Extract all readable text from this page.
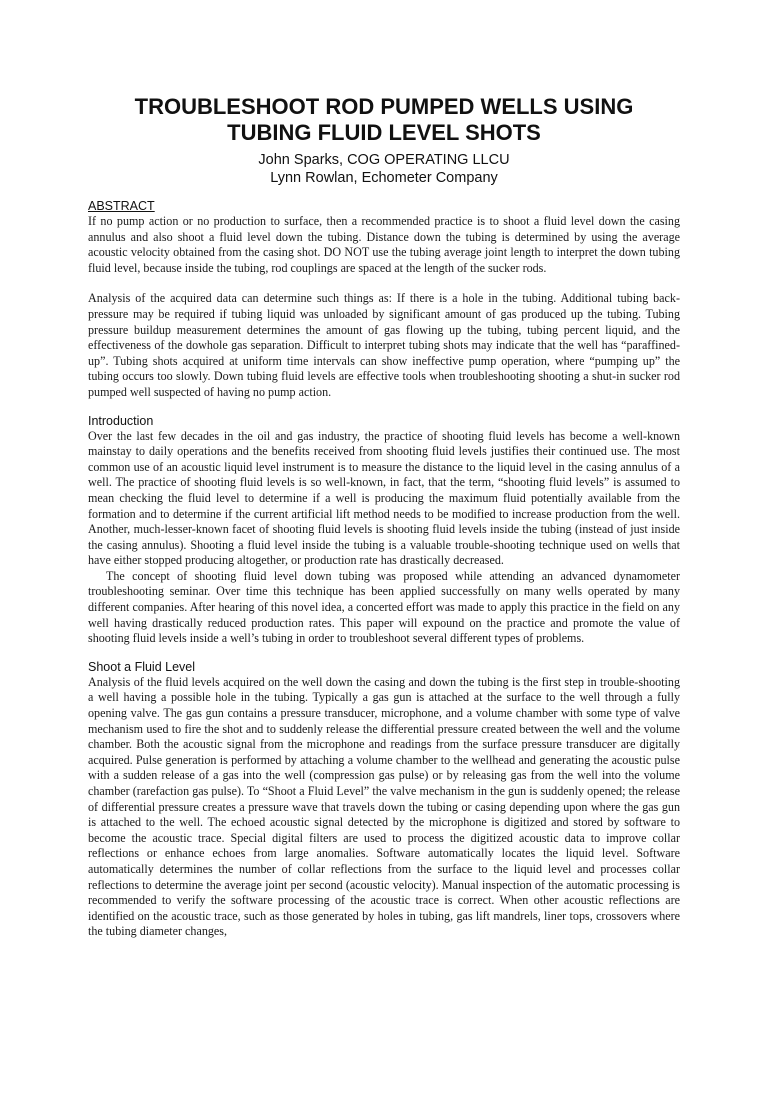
TROUBLESHOOT ROD PUMPED WELLS USING
TUBING FLUID LEVEL SHOTS
John Sparks, COG OPERATING LLCU
Lynn Rowlan, Echometer Company
ABSTRACT

If no pump action or no production to surface, then a recommended practice is to shoot a fluid level down the casing annulus and also shoot a fluid level down the tubing. Distance down the tubing is determined by using the average acoustic velocity obtained from the casing shot. DO NOT use the tubing average joint length to interpret the down tubing fluid level, because inside the tubing, rod couplings are spaced at the length of the sucker rods.

Analysis of the acquired data can determine such things as: If there is a hole in the tubing. Additional tubing back-pressure may be required if tubing liquid was unloaded by significant amount of gas produced up the tubing. Tubing pressure buildup measurement determines the amount of gas flowing up the tubing, tubing percent liquid, and the effectiveness of the dowhole gas separation. Difficult to interpret tubing shots may indicate that the well has “paraffined-up”. Tubing shots acquired at uniform time intervals can show ineffective pump operation, where “pumping up” the tubing occurs too slowly. Down tubing fluid levels are effective tools when troubleshooting shooting a shut-in sucker rod pumped well suspected of having no pump action.

Introduction

Over the last few decades in the oil and gas industry, the practice of shooting fluid levels has become a well-known mainstay to daily operations and the benefits received from shooting fluid levels justifies their continued use. The most common use of an acoustic liquid level instrument is to measure the distance to the liquid level in the casing annulus of a well. The practice of shooting fluid levels is so well-known, in fact, that the term, “shooting fluid levels” is assumed to mean checking the fluid level to determine if a well is producing the maximum fluid potentially available from the formation and to determine if the current artificial lift method needs to be modified to increase production from the well. Another, much-lesser-known facet of shooting fluid levels is shooting fluid levels inside the tubing (instead of just inside the casing annulus). Shooting a fluid level inside the tubing is a valuable trouble-shooting technique used on wells that have either stopped producing altogether, or production rate has drastically decreased.

The concept of shooting fluid level down tubing was proposed while attending an advanced dynamometer troubleshooting seminar. Over time this technique has been applied successfully on many wells operated by many different companies. After hearing of this novel idea, a concerted effort was made to apply this practice in the field on any well having drastically reduced production rates. This paper will expound on the practice and promote the value of shooting fluid levels inside a well’s tubing in order to troubleshoot several different types of problems.

Shoot a Fluid Level

Analysis of the fluid levels acquired on the well down the casing and down the tubing is the first step in trouble-shooting a well having a possible hole in the tubing. Typically a gas gun is attached at the surface to the well through a fully opening valve. The gas gun contains a pressure transducer, microphone, and a volume chamber with some type of valve mechanism used to fire the shot and to suddenly release the differential pressure created between the well and the volume chamber. Both the acoustic signal from the microphone and readings from the surface pressure transducer are digitally acquired. Pulse generation is performed by attaching a volume chamber to the wellhead and generating the acoustic pulse with a sudden release of a gas into the well (compression gas pulse) or by releasing gas from the well into the volume chamber (rarefaction gas pulse). To “Shoot a Fluid Level” the valve mechanism in the gun is suddenly opened; the release of differential pressure creates a pressure wave that travels down the tubing or casing depending upon where the gas gun is attached to the well. The echoed acoustic signal detected by the microphone is digitized and stored by software to become the acoustic trace. Special digital filters are used to process the digitized acoustic data to improve collar reflections or enhance echoes from large anomalies. Software automatically locates the liquid level. Software automatically determines the number of collar reflections from the surface to the liquid level and processes collar reflections to determine the average joint per second (acoustic velocity). Manual inspection of the automatic processing is recommended to verify the software processing of the acoustic trace is correct. When other acoustic reflections are identified on the acoustic trace, such as those generated by holes in tubing, gas lift mandrels, liner tops, crossovers where the tubing diameter changes,
